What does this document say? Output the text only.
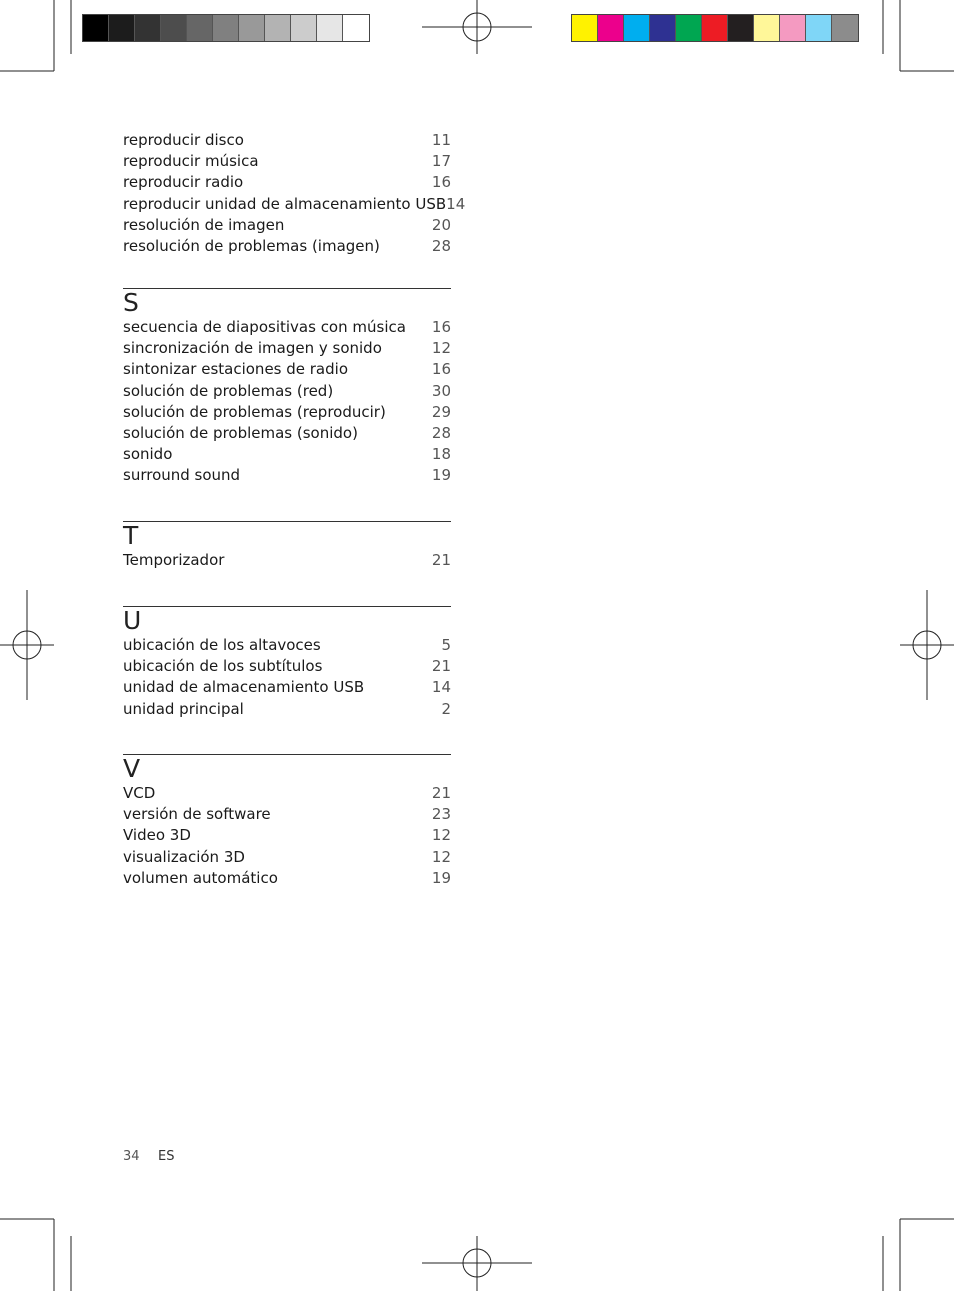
reproducir disco	11
reproducir música	17
reproducir radio	16
reproducir unidad de almacenamiento USB 14
resolución de imagen	20
resolución de problemas (imagen)	28
S
secuencia de diapositivas con música 16
sincronización de imagen y sonido	12
sintonizar estaciones de radio	16
solución de problemas (red)	30
solución de problemas (reproducir)	29
solución de problemas (sonido)	28
sonido	18
surround sound	19
T
Temporizador	21
U
ubicación de los altavoces	5
ubicación de los subtítulos	21
unidad de almacenamiento USB	14
unidad principal	2
V
VCD	21
versión de software	23
Video 3D	12
visualización 3D	12
volumen automático	19
34 ES
